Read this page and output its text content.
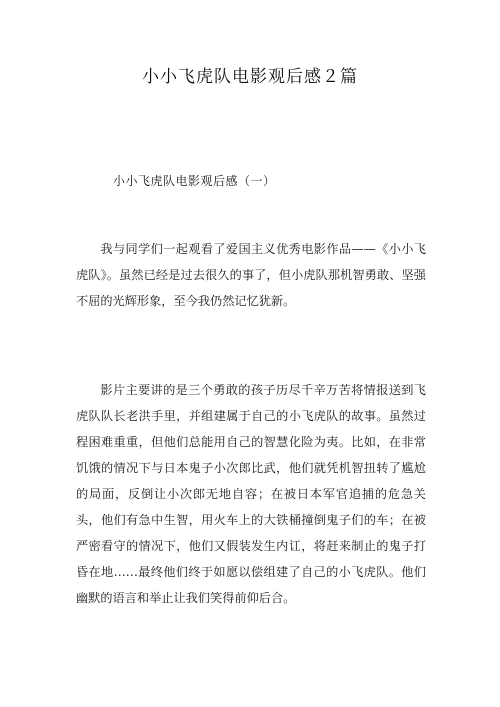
小小飞虎队电影观后感２篇
小小飞虎队电影观后感（一）

我与同学们一起观看了爱国主义优秀电影作品——《小小飞虎队》。虽然已经是过去很久的事了，但小虎队那机智勇敢、坚强不屈的光辉形象，至今我仍然记忆犹新。

影片主要讲的是三个勇敢的孩子历尽千辛万苦将情报送到飞虎队队长老洪手里，并组建属于自己的小飞虎队的故事。虽然过程困难重重，但他们总能用自己的智慧化险为夷。比如，在非常饥饿的情况下与日本鬼子小次郎比武，他们就凭机智扭转了尴尬的局面，反倒让小次郎无地自容；在被日本军官追捕的危急关头，他们有急中生智，用火车上的大铁桶撞倒鬼子们的车；在被严密看守的情况下，他们又假装发生内讧，将赶来制止的鬼子打昏在地……最终他们终于如愿以偿组建了自己的小飞虎队。他们幽默的语言和举止让我们笑得前仰后合。
